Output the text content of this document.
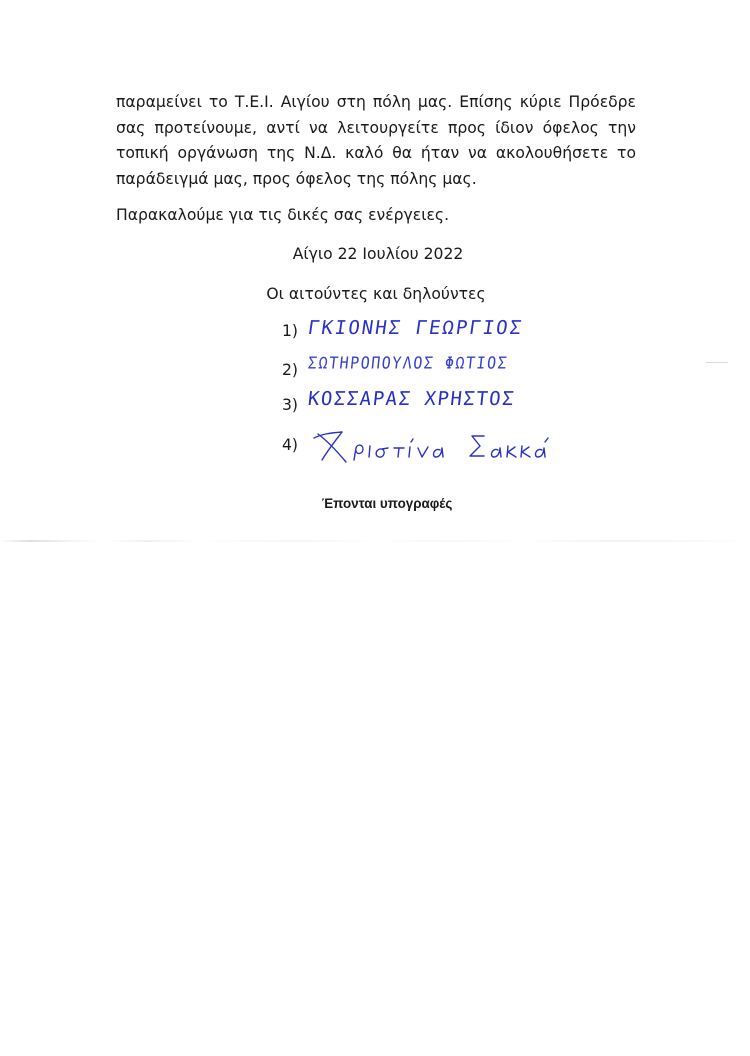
παραμείνει το Τ.Ε.Ι. Αιγίου στη πόλη μας. Επίσης κύριε Πρόεδρε σας προτείνουμε, αντί να λειτουργείτε προς ίδιον όφελος την τοπική οργάνωση της Ν.Δ. καλό θα ήταν να ακολουθήσετε το παράδειγμά μας, προς όφελος της πόλης μας.

Παρακαλούμε για τις δικές σας ενέργειες.

Αίγιο 22 Ιουλίου 2022

Οι αιτούντες και δηλούντες

1) ΓΚΙΟΝΗΣ ΓΕΩΡΓΙΟΣ
2) ΣΩΤΗΡΟΠΟΥΛΟΣ ΦΩΤΙΟΣ
3) ΚΟΣΣΑΡΑΣ ΧΡΗΣΤΟΣ
4)

Έπονται υπογραφές
